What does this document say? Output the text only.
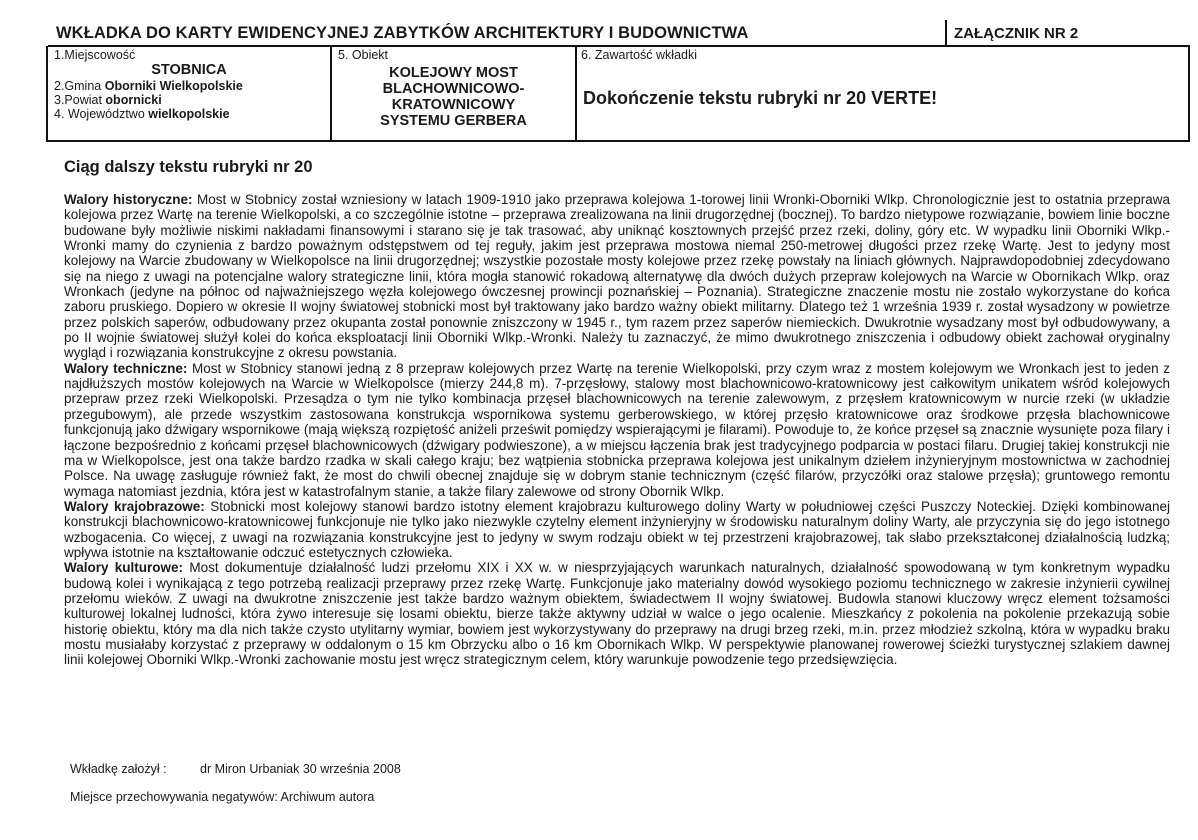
WKŁADKA DO KARTY EWIDENCYJNEJ ZABYTKÓW ARCHITEKTURY I BUDOWNICTWA	ZAŁĄCZNIK NR 2
1.Miejscowość
STOBNICA
2.Gmina Oborniki Wielkopolskie
3.Powiat obornicki
4. Województwo wielkopolskie
5. Obiekt
KOLEJOWY MOST
BLACHOWNICOWO-
KRATOWNICOWY
SYSTEMU GERBERA
6. Zawartość wkładki
Dokończenie tekstu rubryki nr 20 VERTE!
Ciąg dalszy tekstu rubryki nr 20

Walory historyczne: Most w Stobnicy został wzniesiony w latach 1909-1910 jako przeprawa kolejowa 1-torowej linii Wronki-Oborniki Wlkp. Chronologicznie jest to ostatnia przeprawa kolejowa przez Wartę na terenie Wielkopolski, a co szczególnie istotne – przeprawa zrealizowana na linii drugorzędnej (bocznej). To bardzo nietypowe rozwiązanie, bowiem linie boczne budowane były możliwie niskimi nakładami finansowymi i starano się je tak trasować, aby uniknąć kosztownych przejść przez rzeki, doliny, góry etc. W wypadku linii Oborniki Wlkp.-Wronki mamy do czynienia z bardzo poważnym odstępstwem od tej reguły, jakim jest przeprawa mostowa niemal 250-metrowej długości przez rzekę Wartę. Jest to jedyny most kolejowy na Warcie zbudowany w Wielkopolsce na linii drugorzędnej; wszystkie pozostałe mosty kolejowe przez rzekę powstały na liniach głównych. Najprawdopodobniej zdecydowano się na niego z uwagi na potencjalne walory strategiczne linii, która mogła stanowić rokadową alternatywę dla dwóch dużych przepraw kolejowych na Warcie w Obornikach Wlkp. oraz Wronkach (jedyne na północ od najważniejszego węzła kolejowego ówczesnej prowincji poznańskiej – Poznania). Strategiczne znaczenie mostu nie zostało wykorzystane do końca zaboru pruskiego. Dopiero w okresie II wojny światowej stobnicki most był traktowany jako bardzo ważny obiekt militarny. Dlatego też 1 września 1939 r. został wysadzony w powietrze przez polskich saperów, odbudowany przez okupanta został ponownie zniszczony w 1945 r., tym razem przez saperów niemieckich. Dwukrotnie wysadzany most był odbudowywany, a po II wojnie światowej służył kolei do końca eksploatacji linii Oborniki Wlkp.-Wronki. Należy tu zaznaczyć, że mimo dwukrotnego zniszczenia i odbudowy obiekt zachował oryginalny wygląd i rozwiązania konstrukcyjne z okresu powstania.

Walory techniczne: Most w Stobnicy stanowi jedną z 8 przepraw kolejowych przez Wartę na terenie Wielkopolski, przy czym wraz z mostem kolejowym we Wronkach jest to jeden z najdłuższych mostów kolejowych na Warcie w Wielkopolsce (mierzy 244,8 m). 7-przęsłowy, stalowy most blachownicowo-kratownicowy jest całkowitym unikatem wśród kolejowych przepraw przez rzeki Wielkopolski. Przesądza o tym nie tylko kombinacja przęseł blachownicowych na terenie zalewowym, z przęsłem kratownicowym w nurcie rzeki (w układzie przegubowym), ale przede wszystkim zastosowana konstrukcja wspornikowa systemu gerberowskiego, w której przęsło kratownicowe oraz środkowe przęsła blachownicowe funkcjonują jako dźwigary wspornikowe (mają większą rozpiętość aniżeli prześwit pomiędzy wspierającymi je filarami). Powoduje to, że końce przęseł są znacznie wysunięte poza filary i łączone bezpośrednio z końcami przęseł blachownicowych (dźwigary podwieszone), a w miejscu łączenia brak jest tradycyjnego podparcia w postaci filaru. Drugiej takiej konstrukcji nie ma w Wielkopolsce, jest ona także bardzo rzadka w skali całego kraju; bez wątpienia stobnicka przeprawa kolejowa jest unikalnym dziełem inżynieryjnym mostownictwa w zachodniej Polsce. Na uwagę zasługuje również fakt, że most do chwili obecnej znajduje się w dobrym stanie technicznym (część filarów, przyczółki oraz stalowe przęsła); gruntowego remontu wymaga natomiast jezdnia, która jest w katastrofalnym stanie, a także filary zalewowe od strony Obornik Wlkp.

Walory krajobrazowe: Stobnicki most kolejowy stanowi bardzo istotny element krajobrazu kulturowego doliny Warty w południowej części Puszczy Noteckiej. Dzięki kombinowanej konstrukcji blachownicowo-kratownicowej funkcjonuje nie tylko jako niezwykle czytelny element inżynieryjny w środowisku naturalnym doliny Warty, ale przyczynia się do jego istotnego wzbogacenia. Co więcej, z uwagi na rozwiązania konstrukcyjne jest to jedyny w swym rodzaju obiekt w tej przestrzeni krajobrazowej, tak słabo przekształconej działalnością ludzką; wpływa istotnie na kształtowanie odczuć estetycznych człowieka.

Walory kulturowe: Most dokumentuje działalność ludzi przełomu XIX i XX w. w niesprzyjających warunkach naturalnych, działalność spowodowaną w tym konkretnym wypadku budową kolei i wynikającą z tego potrzebą realizacji przeprawy przez rzekę Wartę. Funkcjonuje jako materialny dowód wysokiego poziomu technicznego w zakresie inżynierii cywilnej przełomu wieków. Z uwagi na dwukrotne zniszczenie jest także bardzo ważnym obiektem, świadectwem II wojny światowej. Budowla stanowi kluczowy wręcz element tożsamości kulturowej lokalnej ludności, która żywo interesuje się losami obiektu, bierze także aktywny udział w walce o jego ocalenie. Mieszkańcy z pokolenia na pokolenie przekazują sobie historię obiektu, który ma dla nich także czysto utylitarny wymiar, bowiem jest wykorzystywany do przeprawy na drugi brzeg rzeki, m.in. przez młodzież szkolną, która w wypadku braku mostu musiałaby korzystać z przeprawy w oddalonym o 15 km Obrzycku albo o 16 km Obornikach Wlkp. W perspektywie planowanej rowerowej ścieżki turystycznej szlakiem dawnej linii kolejowej Oborniki Wlkp.-Wronki zachowanie mostu jest wręcz strategicznym celem, który warunkuje powodzenie tego przedsięwzięcia.

Wkładkę założył :	dr Miron Urbaniak 30 września 2008
Miejsce przechowywania negatywów: Archiwum autora
